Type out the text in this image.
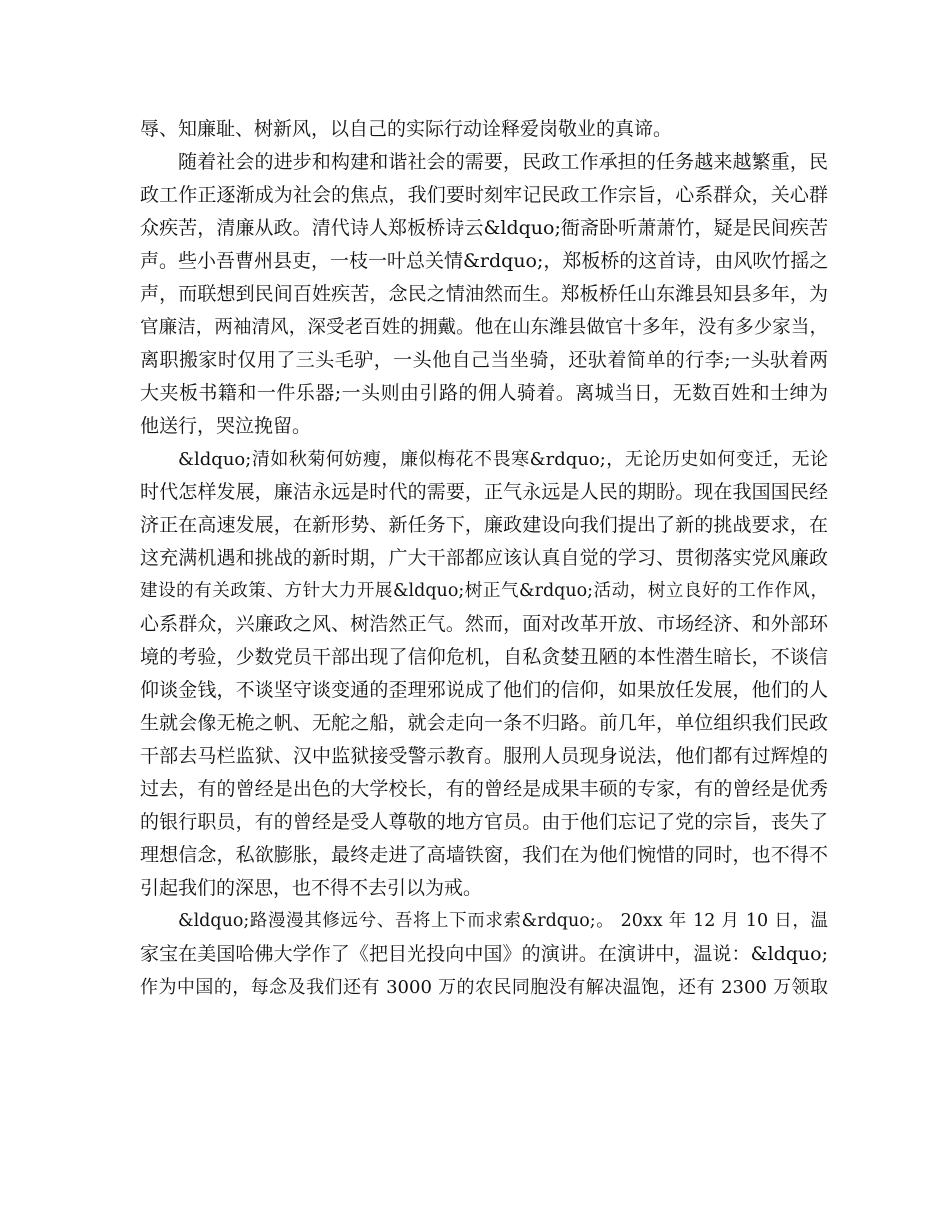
辱、知廉耻、树新风，以自己的实际行动诠释爱岗敬业的真谛。
随着社会的进步和构建和谐社会的需要，民政工作承担的任务越来越繁重，民
政工作正逐渐成为社会的焦点，我们要时刻牢记民政工作宗旨，心系群众，关心群
众疾苦，清廉从政。清代诗人郑板桥诗云&ldquo;衙斋卧听萧萧竹，疑是民间疾苦
声。些小吾曹州县吏，一枝一叶总关情&rdquo;，郑板桥的这首诗，由风吹竹摇之
声，而联想到民间百姓疾苦，念民之情油然而生。郑板桥任山东潍县知县多年，为
官廉洁，两袖清风，深受老百姓的拥戴。他在山东潍县做官十多年，没有多少家当，
离职搬家时仅用了三头毛驴，一头他自己当坐骑，还驮着简单的行李;一头驮着两
大夹板书籍和一件乐器;一头则由引路的佣人骑着。离城当日，无数百姓和士绅为
他送行，哭泣挽留。
&ldquo;清如秋菊何妨瘦，廉似梅花不畏寒&rdquo;，无论历史如何变迁，无论
时代怎样发展，廉洁永远是时代的需要，正气永远是人民的期盼。现在我国国民经
济正在高速发展，在新形势、新任务下，廉政建设向我们提出了新的挑战要求，在
这充满机遇和挑战的新时期，广大干部都应该认真自觉的学习、贯彻落实党风廉政
建设的有关政策、方针大力开展&ldquo;树正气&rdquo;活动，树立良好的工作作风，
心系群众，兴廉政之风、树浩然正气。然而，面对改革开放、市场经济、和外部环
境的考验，少数党员干部出现了信仰危机，自私贪婪丑陋的本性潜生暗长，不谈信
仰谈金钱，不谈坚守谈变通的歪理邪说成了他们的信仰，如果放任发展，他们的人
生就会像无桅之帆、无舵之船，就会走向一条不归路。前几年，单位组织我们民政
干部去马栏监狱、汉中监狱接受警示教育。服刑人员现身说法，他们都有过辉煌的
过去，有的曾经是出色的大学校长，有的曾经是成果丰硕的专家，有的曾经是优秀
的银行职员，有的曾经是受人尊敬的地方官员。由于他们忘记了党的宗旨，丧失了
理想信念，私欲膨胀，最终走进了高墙铁窗，我们在为他们惋惜的同时，也不得不
引起我们的深思，也不得不去引以为戒。
&ldquo;路漫漫其修远兮、吾将上下而求索&rdquo;。 20xx 年 12 月 10 日，温
家宝在美国哈佛大学作了《把目光投向中国》的演讲。在演讲中，温说：&ldquo;
作为中国的，每念及我们还有 3000 万的农民同胞没有解决温饱，还有 2300 万领取
